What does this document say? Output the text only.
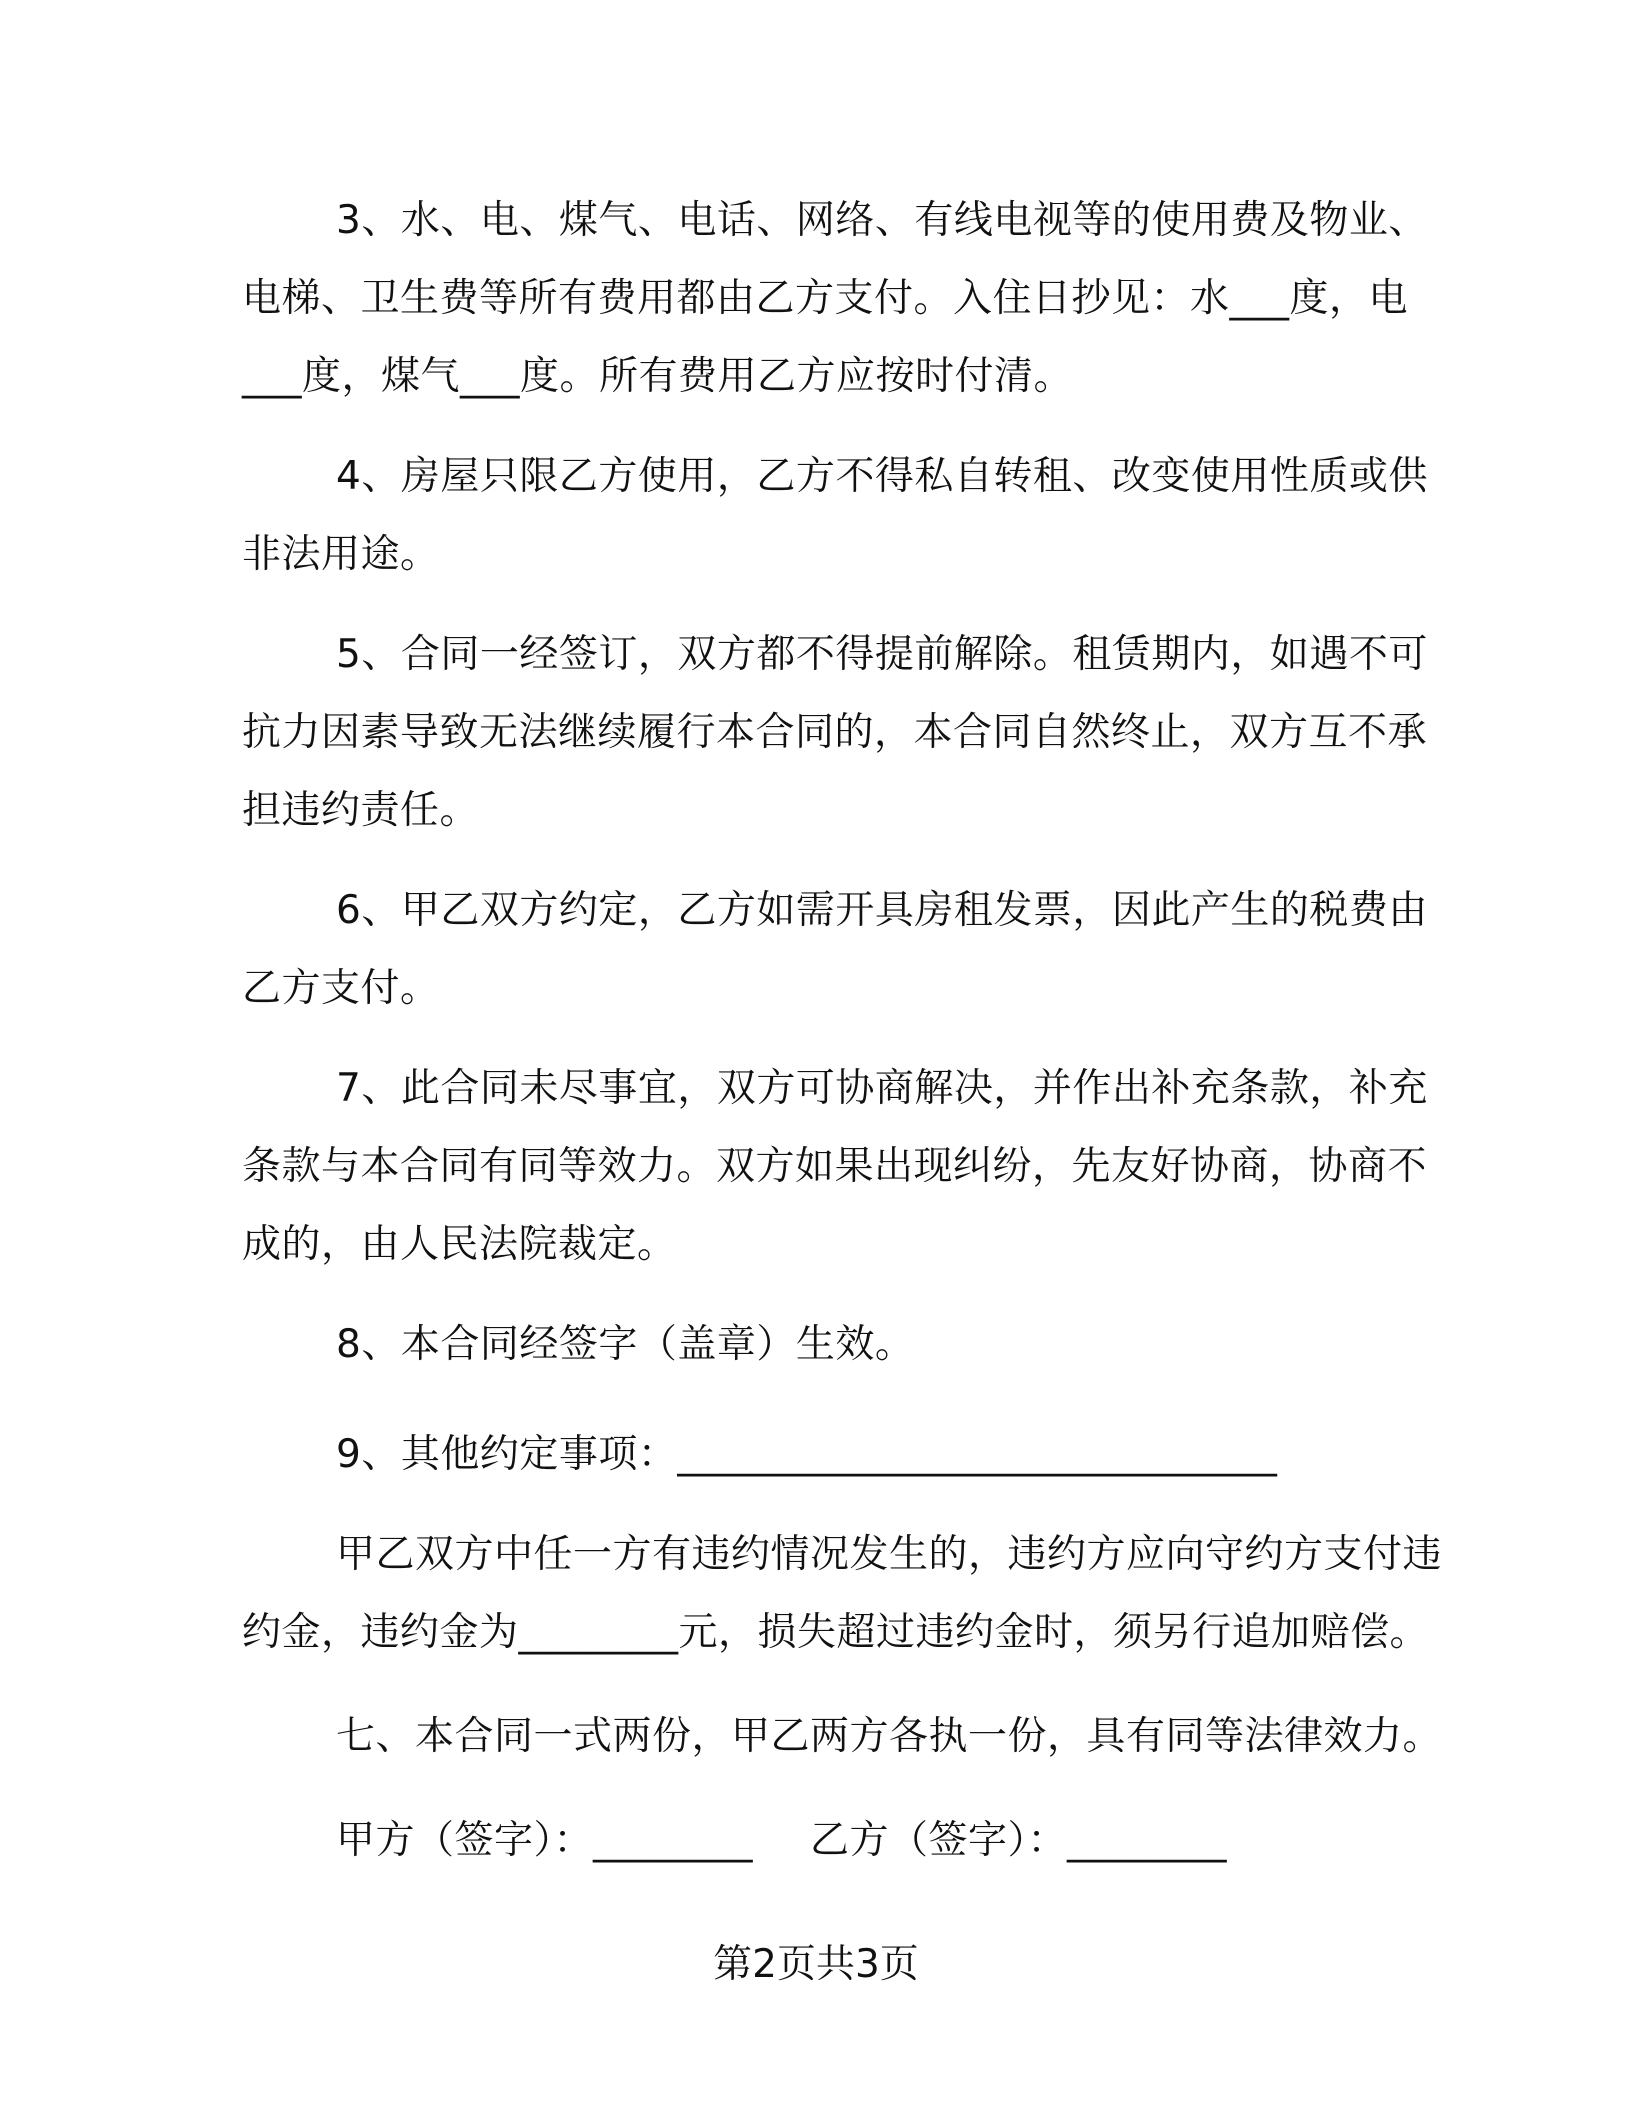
3、水、电、煤气、电话、网络、有线电视等的使用费及物业、
电梯、卫生费等所有费用都由乙方支付。入住日抄见：水___度，电
___度，煤气___度。所有费用乙方应按时付清。
4、房屋只限乙方使用，乙方不得私自转租、改变使用性质或供
非法用途。
5、合同一经签订，双方都不得提前解除。租赁期内，如遇不可
抗力因素导致无法继续履行本合同的，本合同自然终止，双方互不承
担违约责任。
6、甲乙双方约定，乙方如需开具房租发票，因此产生的税费由
乙方支付。
7、此合同未尽事宜，双方可协商解决，并作出补充条款，补充
条款与本合同有同等效力。双方如果出现纠纷，先友好协商，协商不
成的，由人民法院裁定。
8、本合同经签字（盖章）生效。
9、其他约定事项：______________________________
甲乙双方中任一方有违约情况发生的，违约方应向守约方支付违
约金，违约金为________元，损失超过违约金时，须另行追加赔偿。
七、本合同一式两份，甲乙两方各执一份，具有同等法律效力。
甲方（签字）：________ 乙方（签字）：________
第2页共3页
